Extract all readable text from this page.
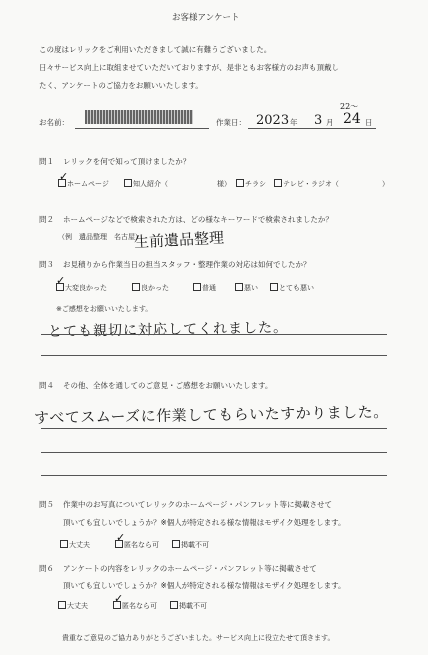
お客様アンケート
この度はレリックをご利用いただきまして誠に有難うございました。
日々サービス向上に取組ませていただいておりますが、是非ともお客様方のお声も頂戴し
たく、アンケートのご協力をお願いいたします。
お名前：	作業日： 2023 年 3 月
22〜
24 日
問１ レリックを何で知って頂けましたか？
ホームページ
✓
知人紹介（	様）	チラシ	テレビ・ラジオ（	）
問２ ホームページなどで検索された方は、どの様なキーワードで検索されましたか？
（例　遺品整理　名古屋）
生前遺品整理
問３ お見積りから作業当日の担当スタッフ・整理作業の対応は如何でしたか？
大変良かった
✓
良かった	普通	悪い	とても悪い
※ご感想をお願いいたします。
とても親切に対応してくれました。
問４ その他、全体を通してのご意見・ご感想をお願いいたします。
すべてスムーズに作業してもらいたすかりました。
問５ 作業中のお写真についてレリックのホームページ・パンフレット等に掲載させて
頂いても宜しいでしょうか？※個人が特定される様な情報はモザイク処理をします。
大丈夫	匿名なら可
✓
掲載不可
問６ アンケートの内容をレリックのホームページ・パンフレット等に掲載させて
頂いても宜しいでしょうか？※個人が特定される様な情報はモザイク処理をします。
大丈夫	匿名なら可
✓
掲載不可
貴重なご意見のご協力ありがとうございました。サービス向上に役立たせて頂きます。
